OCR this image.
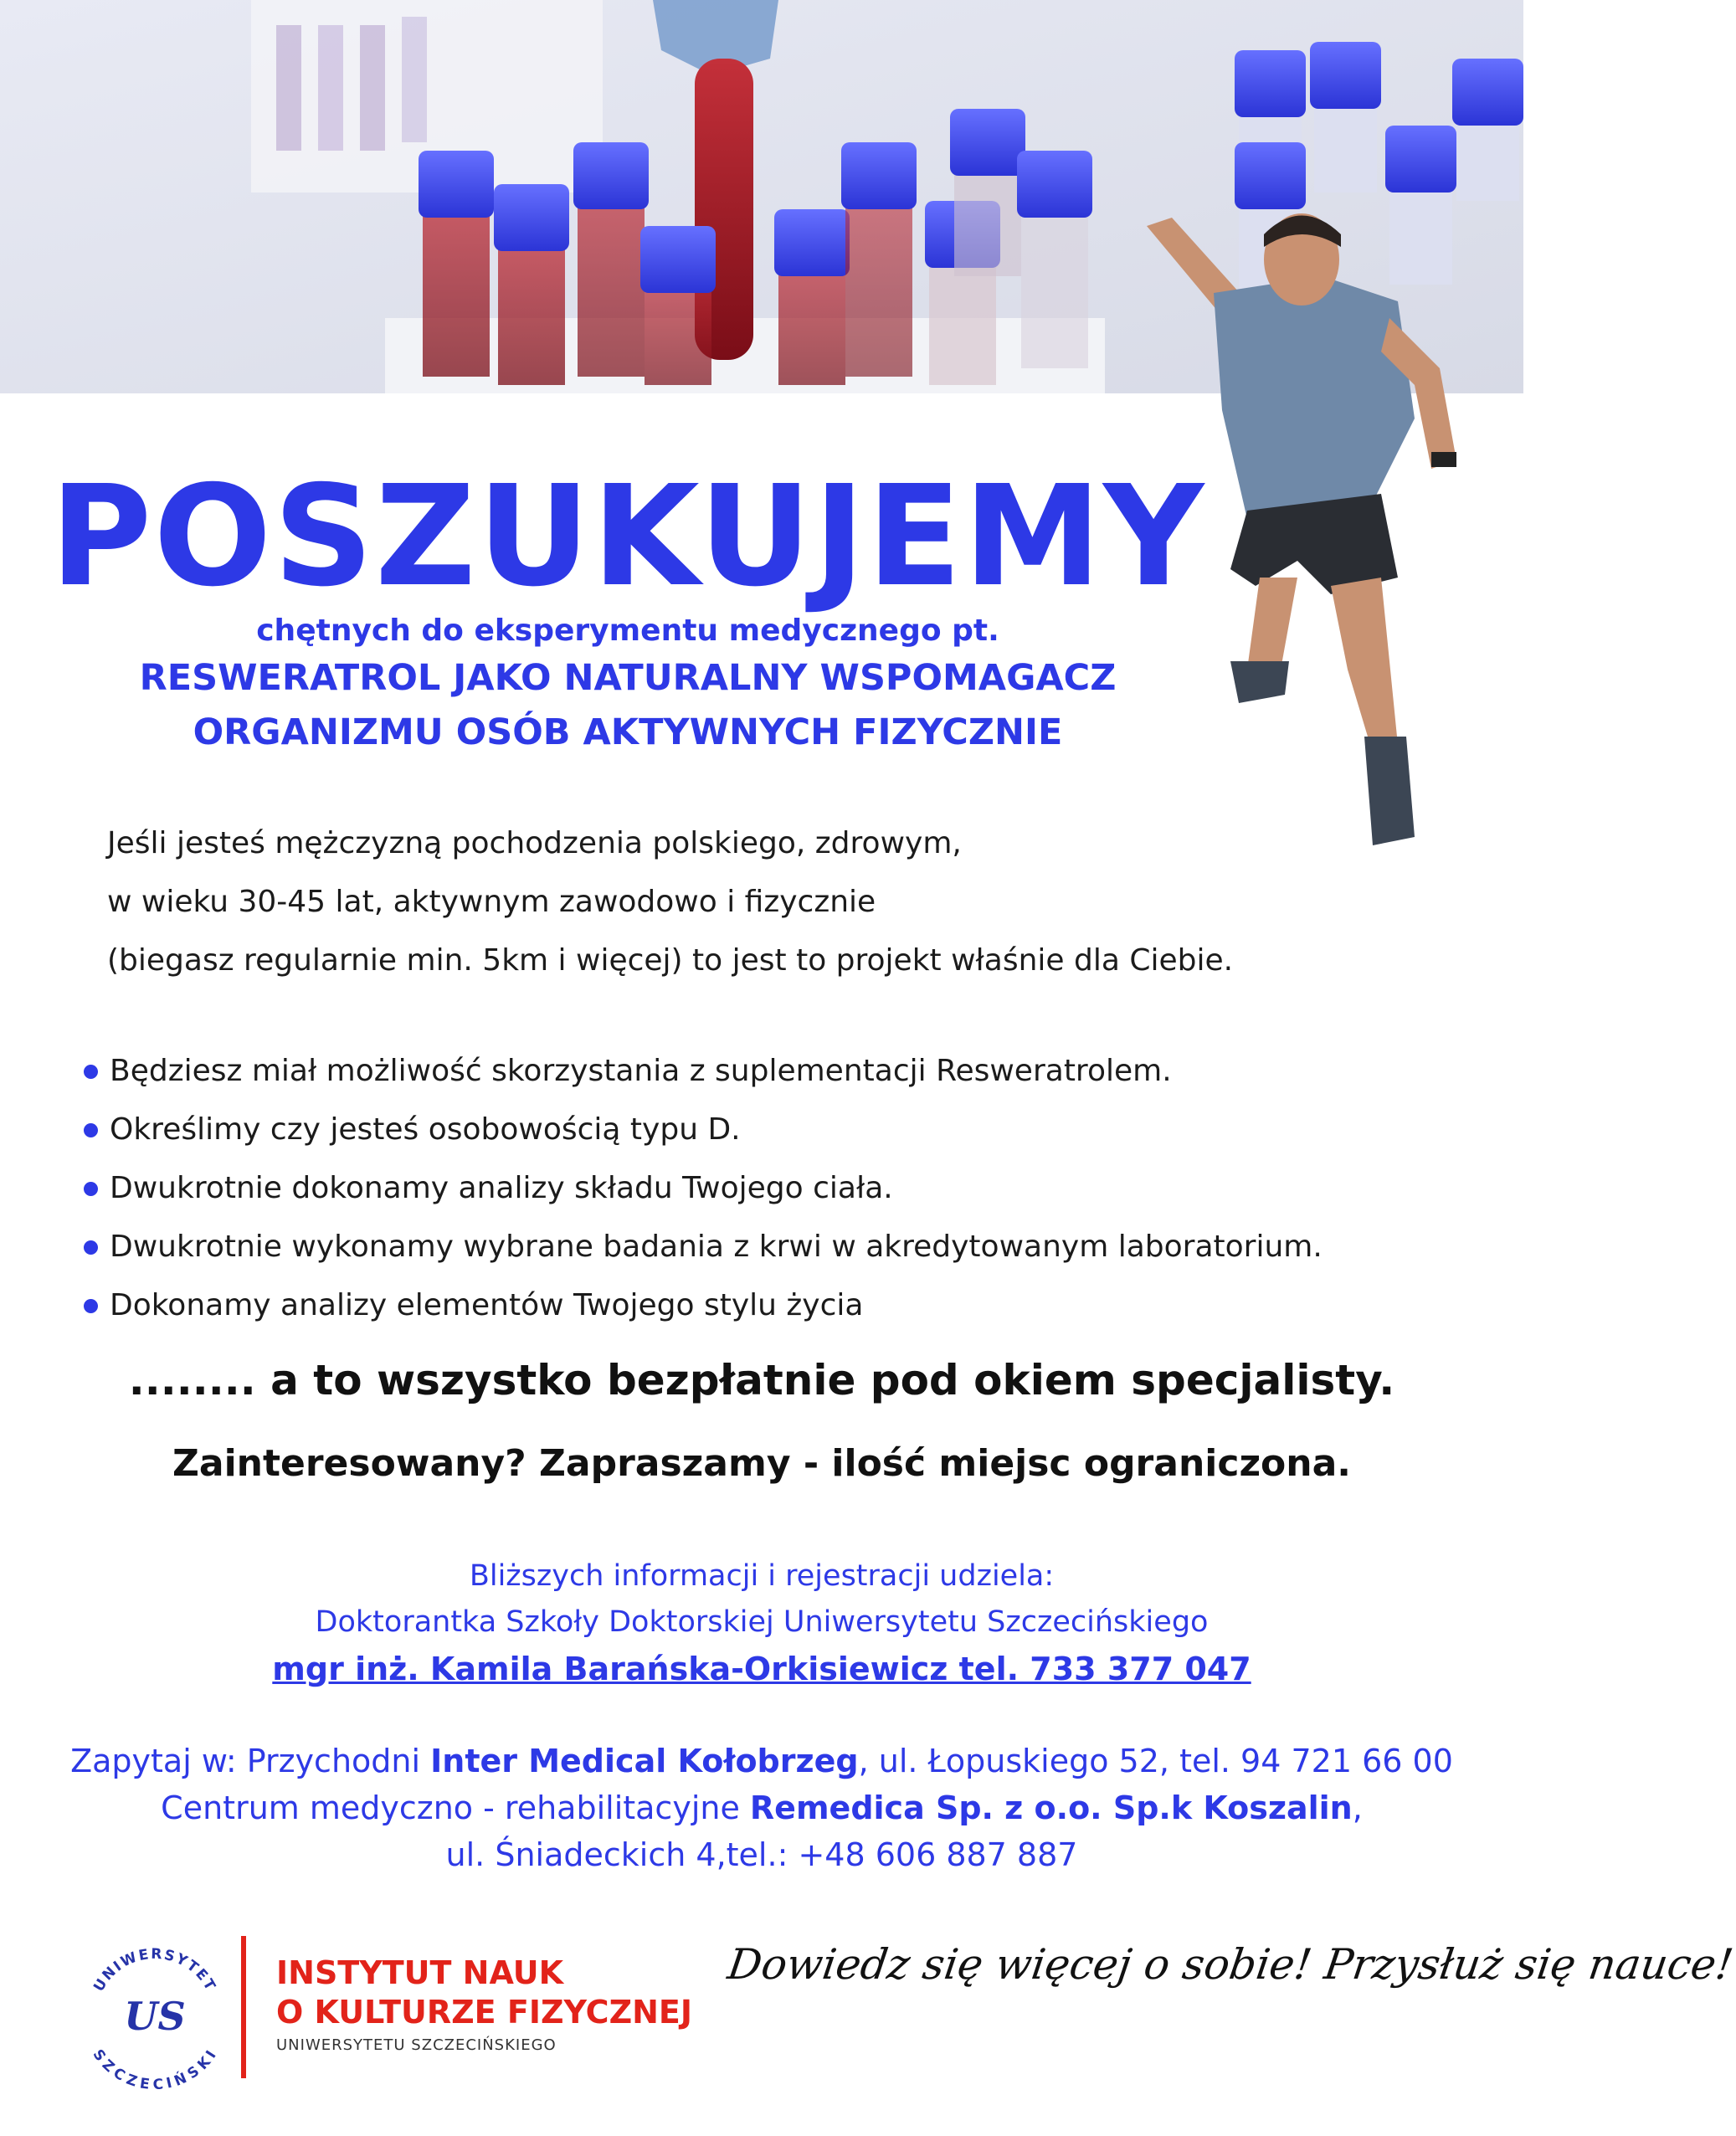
POSZUKUJEMY
chętnych do eksperymentu medycznego pt.
RESWERATROL JAKO NATURALNY WSPOMAGACZ
ORGANIZMU OSÓB AKTYWNYCH FIZYCZNIE
Jeśli jesteś mężczyzną pochodzenia polskiego, zdrowym,
w wieku 30-45 lat, aktywnym zawodowo i fizycznie
(biegasz regularnie min. 5km i więcej) to jest to projekt właśnie dla Ciebie.
Będziesz miał możliwość skorzystania z suplementacji Resweratrolem.
Określimy czy jesteś osobowością typu D.
Dwukrotnie dokonamy analizy składu Twojego ciała.
Dwukrotnie wykonamy wybrane badania z krwi w akredytowanym laboratorium.
Dokonamy analizy elementów Twojego stylu życia
........ a to wszystko bezpłatnie pod okiem specjalisty.
Zainteresowany? Zapraszamy - ilość miejsc ograniczona.
Bliższych informacji i rejestracji udziela:
Doktorantka Szkoły Doktorskiej Uniwersytetu Szczecińskiego
mgr inż. Kamila Barańska-Orkisiewicz tel. 733 377 047
Zapytaj w: Przychodni Inter Medical Kołobrzeg, ul. Łopuskiego 52, tel. 94 721 66 00
Centrum medyczno - rehabilitacyjne Remedica Sp. z o.o. Sp.k Koszalin,
ul. Śniadeckich 4,tel.: +48 606 887 887
UNIWERSYTET
SZCZECIŃSKI
US
INSTYTUT NAUK
O KULTURZE FIZYCZNEJ
UNIWERSYTETU SZCZECIŃSKIEGO
Dowiedz się więcej o sobie! Przysłuż się nauce!
